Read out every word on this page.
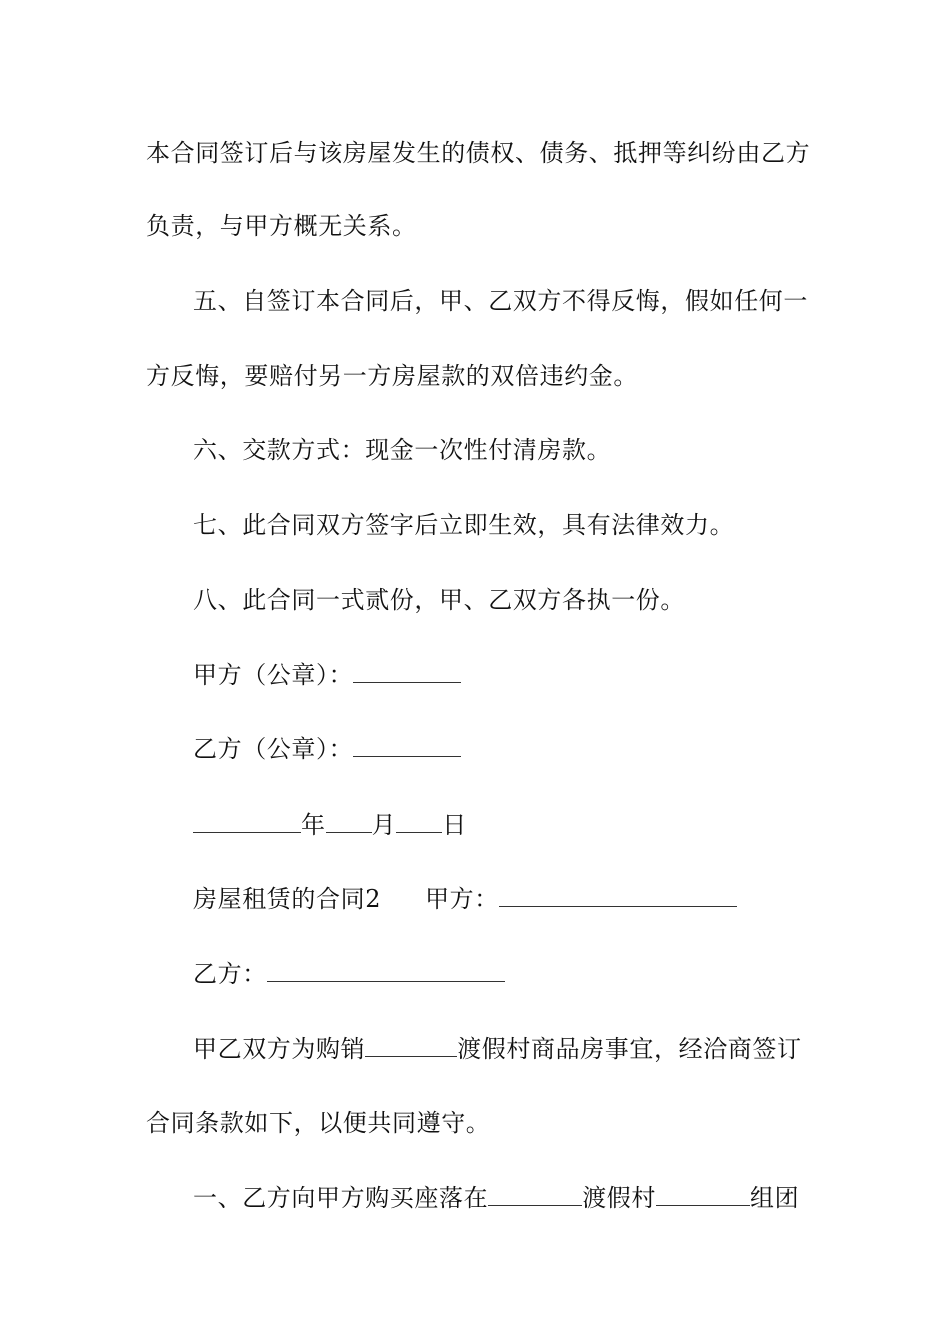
本合同签订后与该房屋发生的债权、债务、抵押等纠纷由乙方
负责，与甲方概无关系。
五、自签订本合同后，甲、乙双方不得反悔，假如任何一
方反悔，要赔付另一方房屋款的双倍违约金。
六、交款方式：现金一次性付清房款。
七、此合同双方签字后立即生效，具有法律效力。
八、此合同一式贰份，甲、乙双方各执一份。
甲方（公章）：
乙方（公章）：
年 月 日
房屋租赁的合同2 甲方：
乙方：
甲乙双方为购销	渡假村商品房事宜，经洽商签订
合同条款如下，以便共同遵守。
一、乙方向甲方购买座落在	渡假村	组团
